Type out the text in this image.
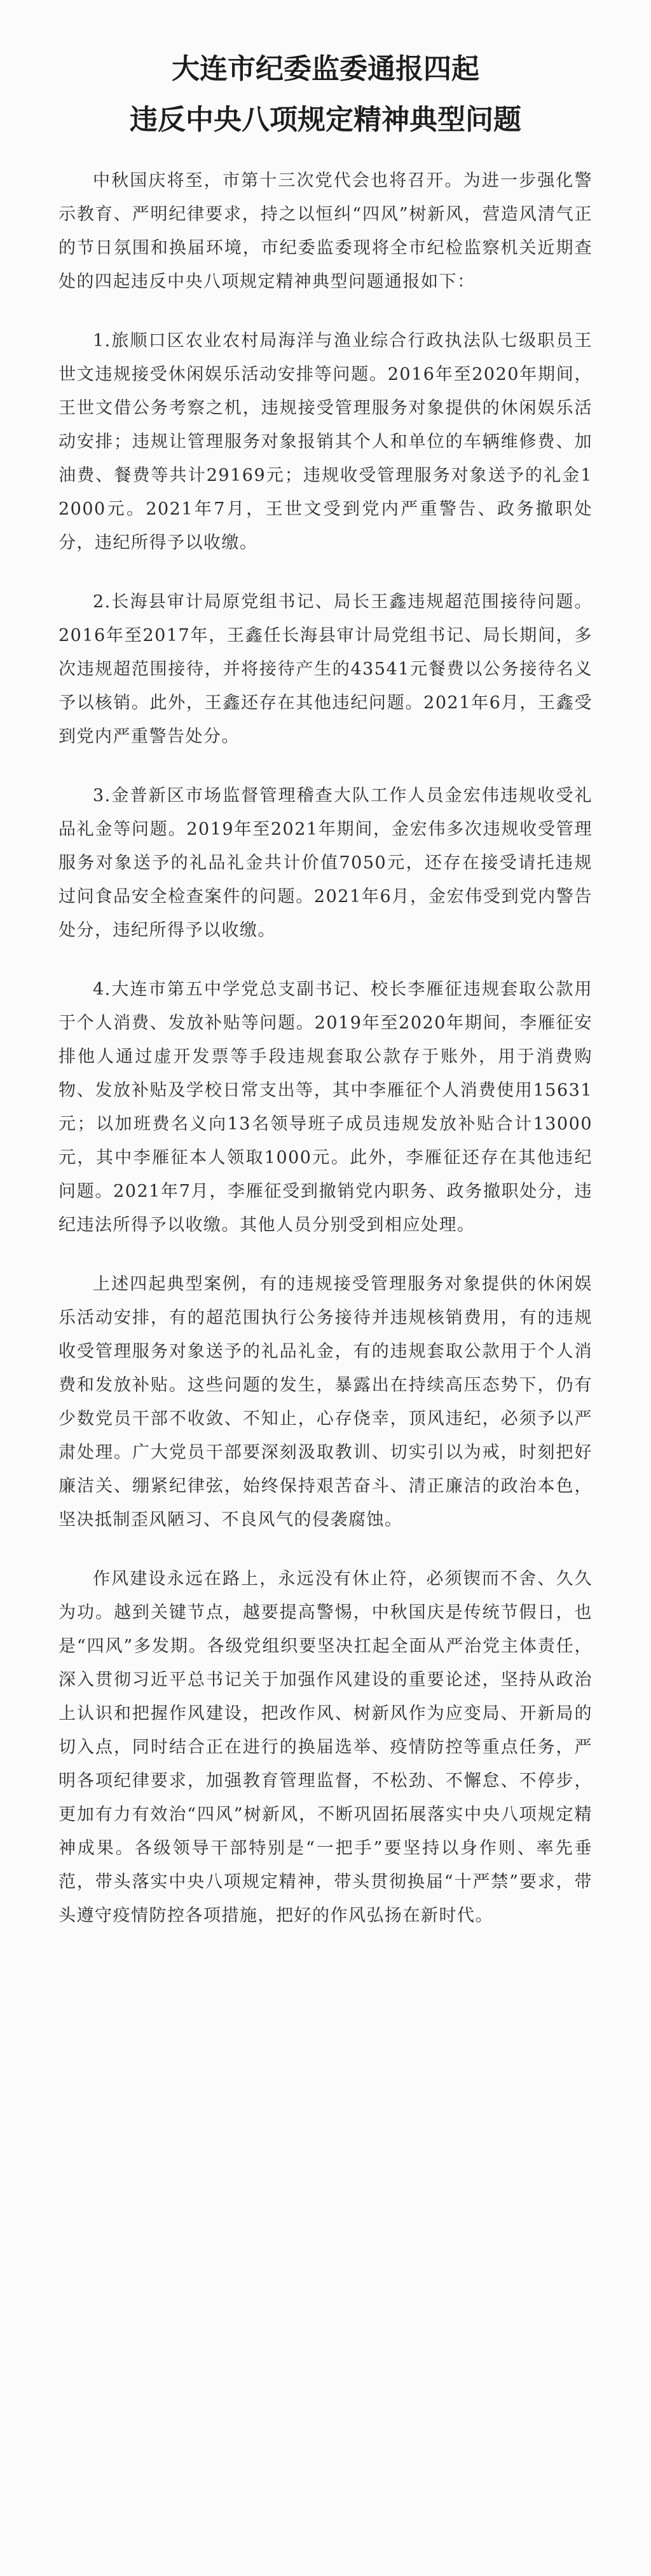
大连市纪委监委通报四起
违反中央八项规定精神典型问题

中秋国庆将至，市第十三次党代会也将召开。为进一步强化警示教育、严明纪律要求，持之以恒纠“四风”树新风，营造风清气正的节日氛围和换届环境，市纪委监委现将全市纪检监察机关近期查处的四起违反中央八项规定精神典型问题通报如下：

1.旅顺口区农业农村局海洋与渔业综合行政执法队七级职员王世文违规接受休闲娱乐活动安排等问题。2016年至2020年期间，王世文借公务考察之机，违规接受管理服务对象提供的休闲娱乐活动安排；违规让管理服务对象报销其个人和单位的车辆维修费、加油费、餐费等共计29169元；违规收受管理服务对象送予的礼金12000元。2021年7月，王世文受到党内严重警告、政务撤职处分，违纪所得予以收缴。

2.长海县审计局原党组书记、局长王鑫违规超范围接待问题。2016年至2017年，王鑫任长海县审计局党组书记、局长期间，多次违规超范围接待，并将接待产生的43541元餐费以公务接待名义予以核销。此外，王鑫还存在其他违纪问题。2021年6月，王鑫受到党内严重警告处分。

3.金普新区市场监督管理稽查大队工作人员金宏伟违规收受礼品礼金等问题。2019年至2021年期间，金宏伟多次违规收受管理服务对象送予的礼品礼金共计价值7050元，还存在接受请托违规过问食品安全检查案件的问题。2021年6月，金宏伟受到党内警告处分，违纪所得予以收缴。

4.大连市第五中学党总支副书记、校长李雁征违规套取公款用于个人消费、发放补贴等问题。2019年至2020年期间，李雁征安排他人通过虚开发票等手段违规套取公款存于账外，用于消费购物、发放补贴及学校日常支出等，其中李雁征个人消费使用15631元；以加班费名义向13名领导班子成员违规发放补贴合计13000元，其中李雁征本人领取1000元。此外，李雁征还存在其他违纪问题。2021年7月，李雁征受到撤销党内职务、政务撤职处分，违纪违法所得予以收缴。其他人员分别受到相应处理。

上述四起典型案例，有的违规接受管理服务对象提供的休闲娱乐活动安排，有的超范围执行公务接待并违规核销费用，有的违规收受管理服务对象送予的礼品礼金，有的违规套取公款用于个人消费和发放补贴。这些问题的发生，暴露出在持续高压态势下，仍有少数党员干部不收敛、不知止，心存侥幸，顶风违纪，必须予以严肃处理。广大党员干部要深刻汲取教训、切实引以为戒，时刻把好廉洁关、绷紧纪律弦，始终保持艰苦奋斗、清正廉洁的政治本色，坚决抵制歪风陋习、不良风气的侵袭腐蚀。

作风建设永远在路上，永远没有休止符，必须锲而不舍、久久为功。越到关键节点，越要提高警惕，中秋国庆是传统节假日，也是“四风”多发期。各级党组织要坚决扛起全面从严治党主体责任，深入贯彻习近平总书记关于加强作风建设的重要论述，坚持从政治上认识和把握作风建设，把改作风、树新风作为应变局、开新局的切入点，同时结合正在进行的换届选举、疫情防控等重点任务，严明各项纪律要求，加强教育管理监督，不松劲、不懈怠、不停步，更加有力有效治“四风”树新风，不断巩固拓展落实中央八项规定精神成果。各级领导干部特别是“一把手”要坚持以身作则、率先垂范，带头落实中央八项规定精神，带头贯彻换届“十严禁”要求，带头遵守疫情防控各项措施，把好的作风弘扬在新时代。
